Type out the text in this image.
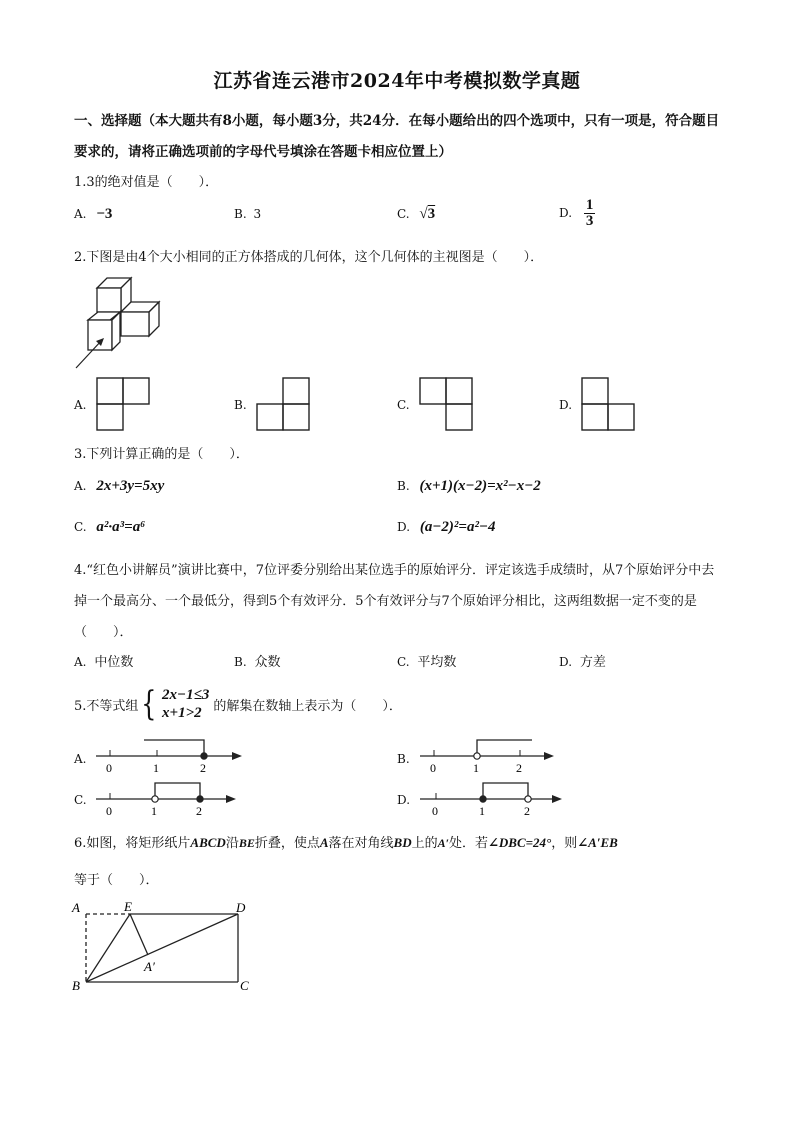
江苏省连云港市2024年中考模拟数学真题
一、选择题（本大题共有8小题，每小题3分，共24分．在每小题给出的四个选项中，只有一项是，符合题目要求的，请将正确选项前的字母代号填涂在答题卡相应位置上）
1.3的绝对值是（　　）．
A. −3	B. 3	C. √3	D. $\frac{1}{3}$
2.下图是由4个大小相同的正方体搭成的几何体，这个几何体的主视图是（　　）．
A.	B.	C.	D.
3.下列计算正确的是（　　）．
A. 2x+3y=5xy	B. (x+1)(x−2)=x²−x−2
C. a²·a³=a⁶	D. (a−2)²=a²−4
4.“红色小讲解员”演讲比赛中，7位评委分别给出某位选手的原始评分．评定该选手成绩时，从7个原始评分中去掉一个最高分、一个最低分，得到5个有效评分．5个有效评分与7个原始评分相比，这两组数据一定不变的是（　　）．
A. 中位数	B. 众数	C. 平均数	D. 方差
5.不等式组 { 2x−1≤3
x+1>2 的解集在数轴上表示为（　　）．
A.
0	1	2
B.
0	1	2
C.
0	1	2
D.
0	1	2
6.如图，将矩形纸片ABCD沿BE折叠，使点A落在对角线BD上的A′处．若∠DBC=24°，则∠A′EB
等于（　　）．
A	E	D
B	C
A′
